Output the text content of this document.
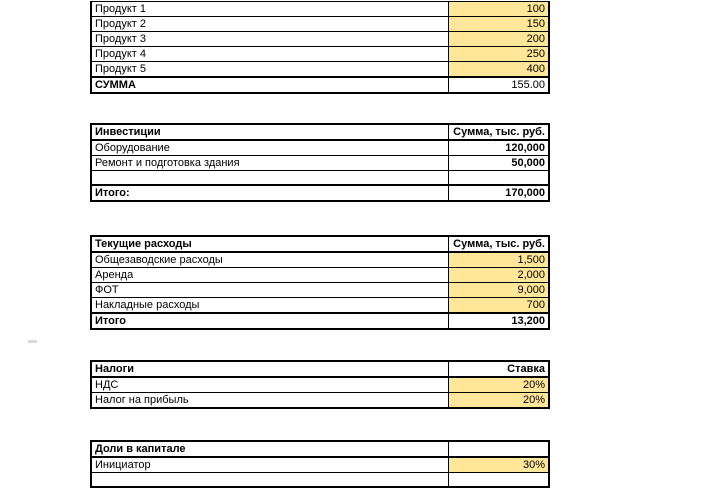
Продукт 1	100
Продукт 2	150
Продукт 3	200
Продукт 4	250
Продукт 5	400
СУММА	155.00
Инвестиции	Сумма, тыс. руб.
Оборудование	120,000
Ремонт и подготовка здания	50,000

Итого:	170,000
Текущие расходы	Сумма, тыс. руб.
Общезаводские расходы	1,500
Аренда	2,000
ФОТ	9,000
Накладные расходы	700
Итого	13,200
Налоги	Ставка
НДС	20%
Налог на прибыль	20%
Доли в капитале	
Инициатор	30%
